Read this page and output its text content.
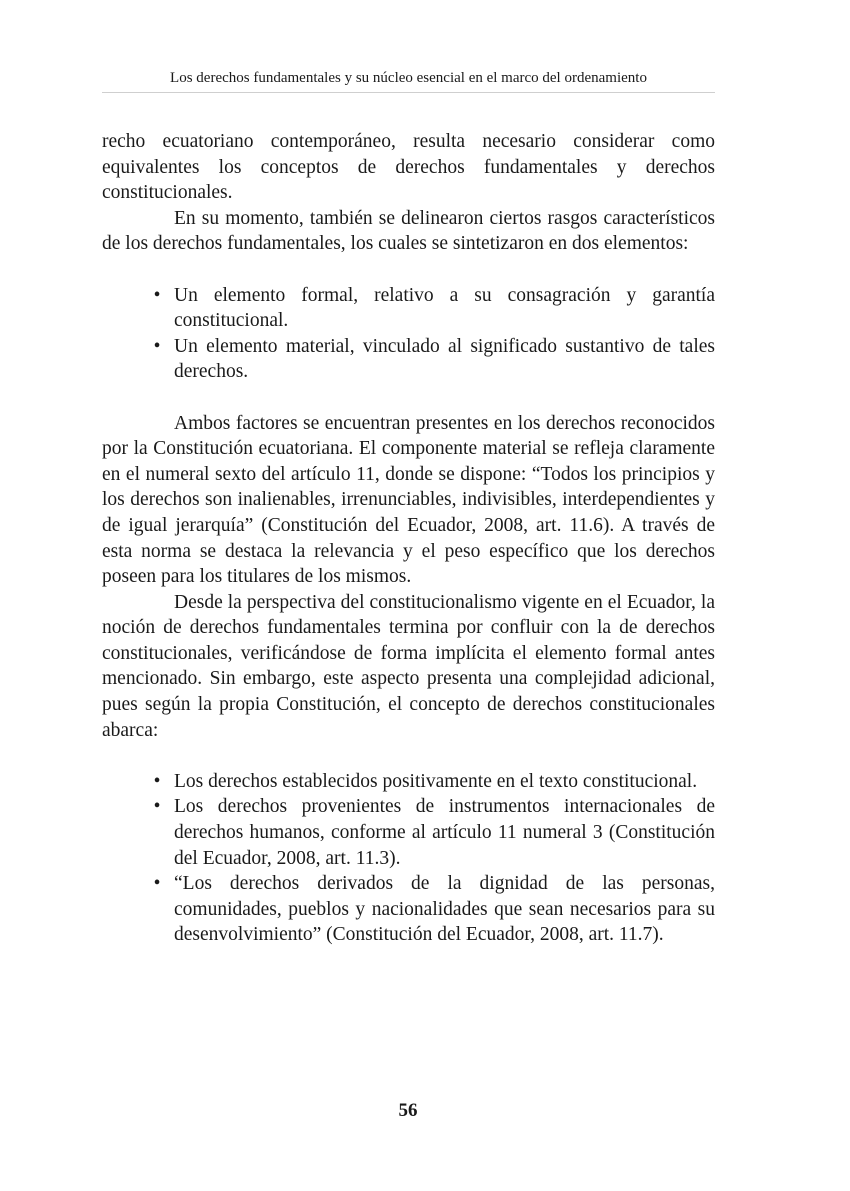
Los derechos fundamentales y su núcleo esencial en el marco del ordenamiento

recho ecuatoriano contemporáneo, resulta necesario considerar como equivalentes los conceptos de derechos fundamentales y derechos constitucionales.

En su momento, también se delinearon ciertos rasgos característicos de los derechos fundamentales, los cuales se sintetizaron en dos elementos:

• Un elemento formal, relativo a su consagración y garantía constitucional.
• Un elemento material, vinculado al significado sustantivo de tales derechos.

Ambos factores se encuentran presentes en los derechos reconocidos por la Constitución ecuatoriana. El componente material se refleja claramente en el numeral sexto del artículo 11, donde se dispone: “Todos los principios y los derechos son inalienables, irrenunciables, indivisibles, interdependientes y de igual jerarquía” (Constitución del Ecuador, 2008, art. 11.6). A través de esta norma se destaca la relevancia y el peso específico que los derechos poseen para los titulares de los mismos.

Desde la perspectiva del constitucionalismo vigente en el Ecuador, la noción de derechos fundamentales termina por confluir con la de derechos constitucionales, verificándose de forma implícita el elemento formal antes mencionado. Sin embargo, este aspecto presenta una complejidad adicional, pues según la propia Constitución, el concepto de derechos constitucionales abarca:

• Los derechos establecidos positivamente en el texto constitucional.
• Los derechos provenientes de instrumentos internacionales de derechos humanos, conforme al artículo 11 numeral 3 (Constitución del Ecuador, 2008, art. 11.3).
• “Los derechos derivados de la dignidad de las personas, comunidades, pueblos y nacionalidades que sean necesarios para su desenvolvimiento” (Constitución del Ecuador, 2008, art. 11.7).
56
